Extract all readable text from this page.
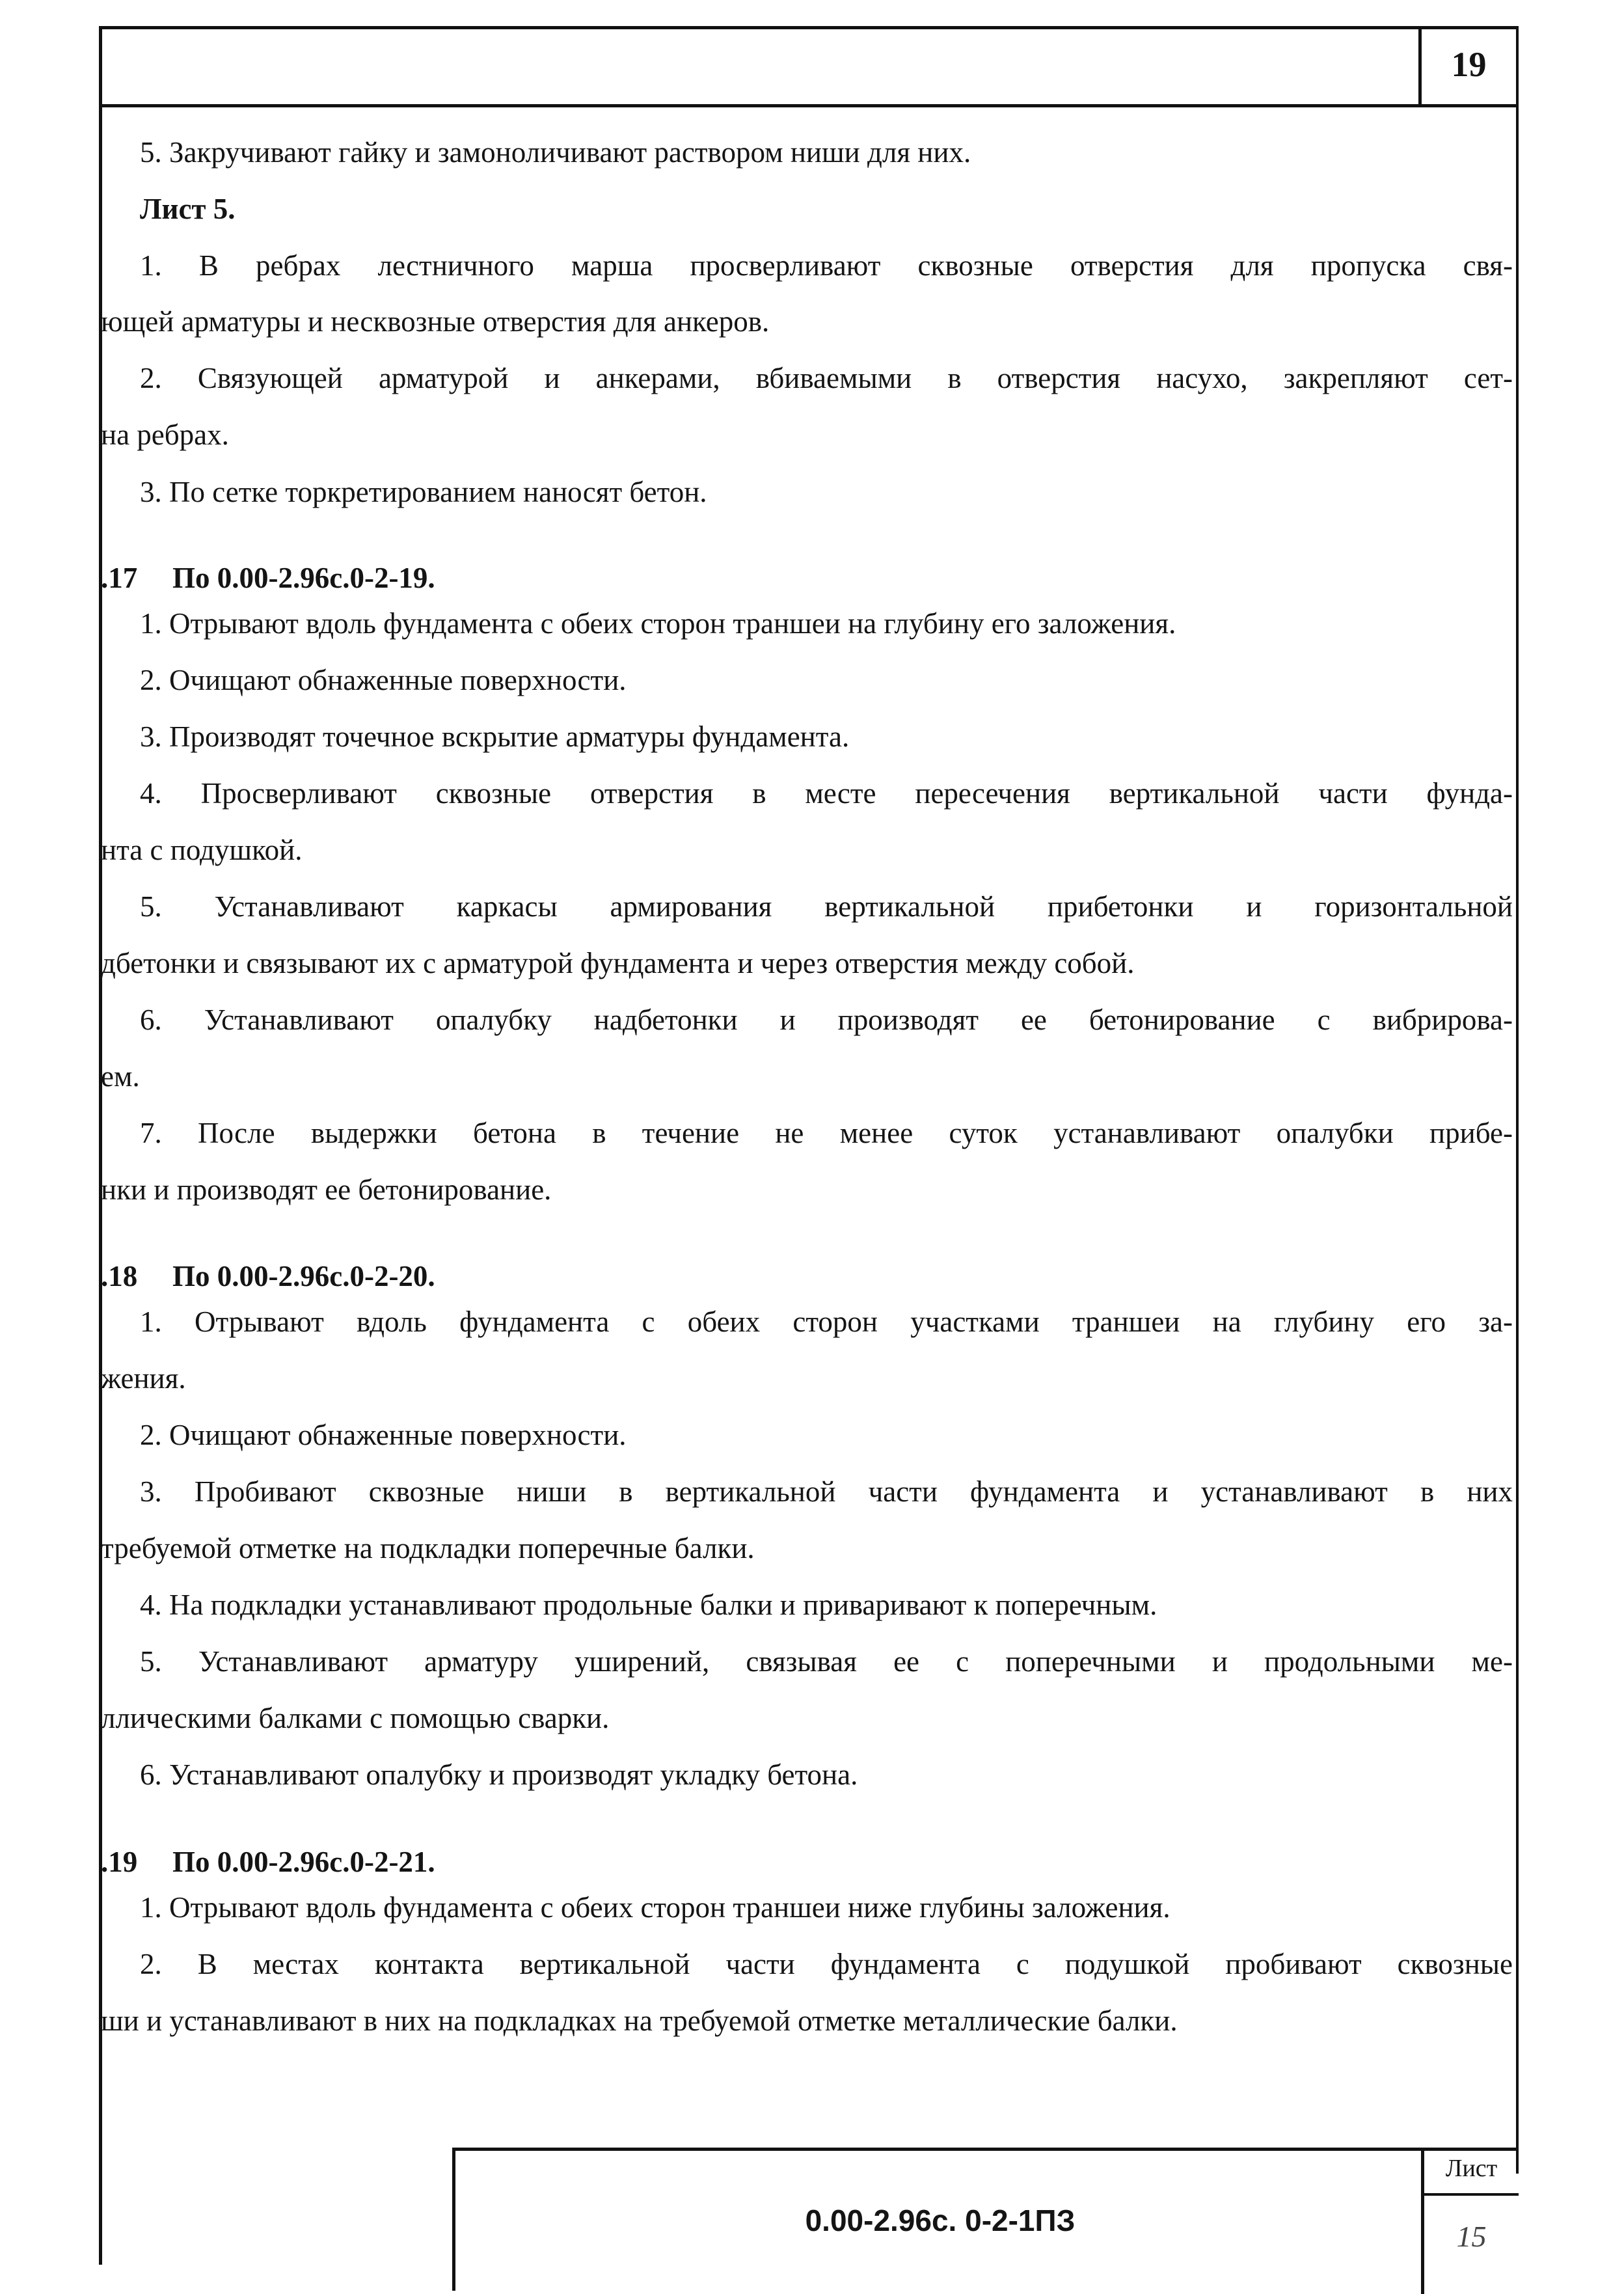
19
5. Закручивают гайку и замоноличивают раствором ниши для них.
Лист 5.
1. В ребрах лестничного марша просверливают сквозные отверстия для пропуска свя-
ющей арматуры и несквозные отверстия для анкеров.
2. Связующей арматурой и анкерами, вбиваемыми в отверстия насухо, закрепляют сет-
на ребрах.
3. По сетке торкретированием наносят бетон.
.17 По 0.00-2.96с.0-2-19.
1. Отрывают вдоль фундамента с обеих сторон траншеи на глубину его заложения.
2. Очищают обнаженные поверхности.
3. Производят точечное вскрытие арматуры фундамента.
4. Просверливают сквозные отверстия в месте пересечения вертикальной части фунда-
нта с подушкой.
5. Устанавливают каркасы армирования вертикальной прибетонки и горизонтальной
дбетонки и связывают их с арматурой фундамента и через отверстия между собой.
6. Устанавливают опалубку надбетонки и производят ее бетонирование с вибрирова-
ем.
7. После выдержки бетона в течение не менее суток устанавливают опалубки прибе-
нки и производят ее бетонирование.
.18 По 0.00-2.96с.0-2-20.
1. Отрывают вдоль фундамента с обеих сторон участками траншеи на глубину его за-
жения.
2. Очищают обнаженные поверхности.
3. Пробивают сквозные ниши в вертикальной части фундамента и устанавливают в них
требуемой отметке на подкладки поперечные балки.
4. На подкладки устанавливают продольные балки и приваривают к поперечным.
5. Устанавливают арматуру уширений, связывая ее с поперечными и продольными ме-
ллическими балками с помощью сварки.
6. Устанавливают опалубку и производят укладку бетона.
.19 По 0.00-2.96с.0-2-21.
1. Отрывают вдоль фундамента с обеих сторон траншеи ниже глубины заложения.
2. В местах контакта вертикальной части фундамента с подушкой пробивают сквозные
ши и устанавливают в них на подкладках на требуемой отметке металлические балки.
0.00-2.96с. 0-2-1ПЗ
Лист
15
